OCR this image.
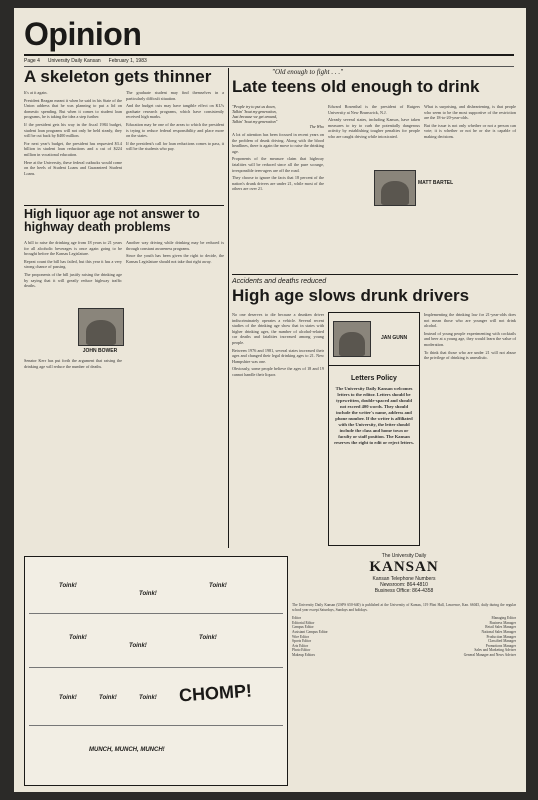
Opinion
Page 4 University Daily Kansan February 1, 1983
A skeleton gets thinner

It's at it again.

President Reagan meant it when he said in his State of the Union address that he was planning to put a lid on domestic spending. But when it comes to student loan programs, he is taking the idea a step further.

If the president gets his way in the fiscal 1984 budget, student loan programs will not only be held steady, they will be cut back by $400 million.

For next year's budget, the president has requested $3.4 billion in student loan reductions and a cut of $224 million in vocational education.

Here at the University, these federal cutbacks would come on the heels of Student Loans and Guaranteed Student Loans.

The graduate student may find themselves in a particularly difficult situation.

And the budget cuts may have tangible effect on KU's graduate research programs, which have consistently received high marks.

Education may be one of the areas to which the president is trying to reduce federal responsibility and place more on the states.

If the president's call for loan reductions comes to pass, it will be the students who pay.

High liquor age not answer to highway death problems

A bill to raise the drinking age from 18 years to 21 years for all alcoholic beverages is once again going to be brought before the Kansas Legislature.

Repeat count the bill has failed, but this year it has a very strong chance of passing.

The proponents of the bill justify raising the drinking age by saying that it will greatly reduce highway traffic deaths.

JOHN BOWER

Senator Kerr has put forth the argument that raising the drinking age will reduce the number of deaths.

Another way driving while drinking may be reduced is through constant awareness programs.

Since the youth has been given the right to decide, the Kansas Legislature should not take that right away.

"Old enough to fight . . ."
Late teens old enough to drink
"People try to put us down,
Talkin' 'bout my generation,
Just because we get around,
Talkin' 'bout my generation"
The Who

A lot of attention has been focused in recent years on the problem of drunk driving. Along with the blood headlines, there is again the move to raise the drinking age.

Proponents of the measure claim that highway fatalities will be reduced since all the pure scourge, irresponsible teen-agers are off the road.

They choose to ignore the facts that 18 percent of the nation's drunk drivers are under 21, while most of the others are over 21.

Edward Rosenthal is the president of Rutgers University at New Brunswick, N.J.

Already several states, including Kansas, have taken measures to try to curb the potentially dangerous activity by establishing tougher penalties for people who are caught driving while intoxicated.

MATT BARTEL

What is surprising, and disheartening, is that people who seem to be the most supportive of the restriction are the 18-to-20-year-olds.

But the issue is not only whether or not a person can vote; it is whether or not he or she is capable of making decisions.

Accidents and deaths reduced
High age slows drunk drivers

No one deserves to die because a drunken driver indiscriminately operates a vehicle. Several recent studies of the drinking age show that in states with higher drinking ages, the number of alcohol-related car deaths and fatalities increased among young people.

Between 1976 and 1981, several states increased their ages and changed their legal drinking ages to 21. New Hampshire was one.

Obviously, some people believe the ages of 18 and 19 cannot handle their liquor.

JAN GUNN
Letters Policy

The University Daily Kansan welcomes letters to the editor. Letters should be typewritten, double-spaced and should not exceed 400 words. They should include the writer's name, address and phone number. If the writer is affiliated with the University, the letter should include the class and home town or faculty or staff position. The Kansan reserves the right to edit or reject letters.

Implementing the drinking law for 21-year-olds does not mean those who are younger will not drink alcohol.

Instead of young people experimenting with cocktails and beer at a young age, they would learn the value of moderation.

To think that those who are under 21 will not abuse the privilege of drinking is unrealistic.

Toink!
Toink!
Toink!
Toink!
Toink!
Toink!
Toink!	Toink!	Toink! CHOMP!
MUNCH, MUNCH, MUNCH!
The University Daily
KANSAN
Kansan Telephone Numbers
Newsroom: 864-4810
Business Office: 864-4358

The University Daily Kansan (USPS 650-640) is published at the University of Kansas, 119 Flint Hall, Lawrence, Kan. 66045, daily during the regular school year except Saturdays, Sundays and holidays.

Editor	Managing Editor
Editorial Editor	Business Manager
Campus Editor	Retail Sales Manager
Assistant Campus Editor	National Sales Manager
Wire Editor	Production Manager
Sports Editor	Classified Manager
Arts Editor	Promotions Manager
Photo Editor	Sales and Marketing Adviser
Makeup Editors	General Manager and News Adviser
